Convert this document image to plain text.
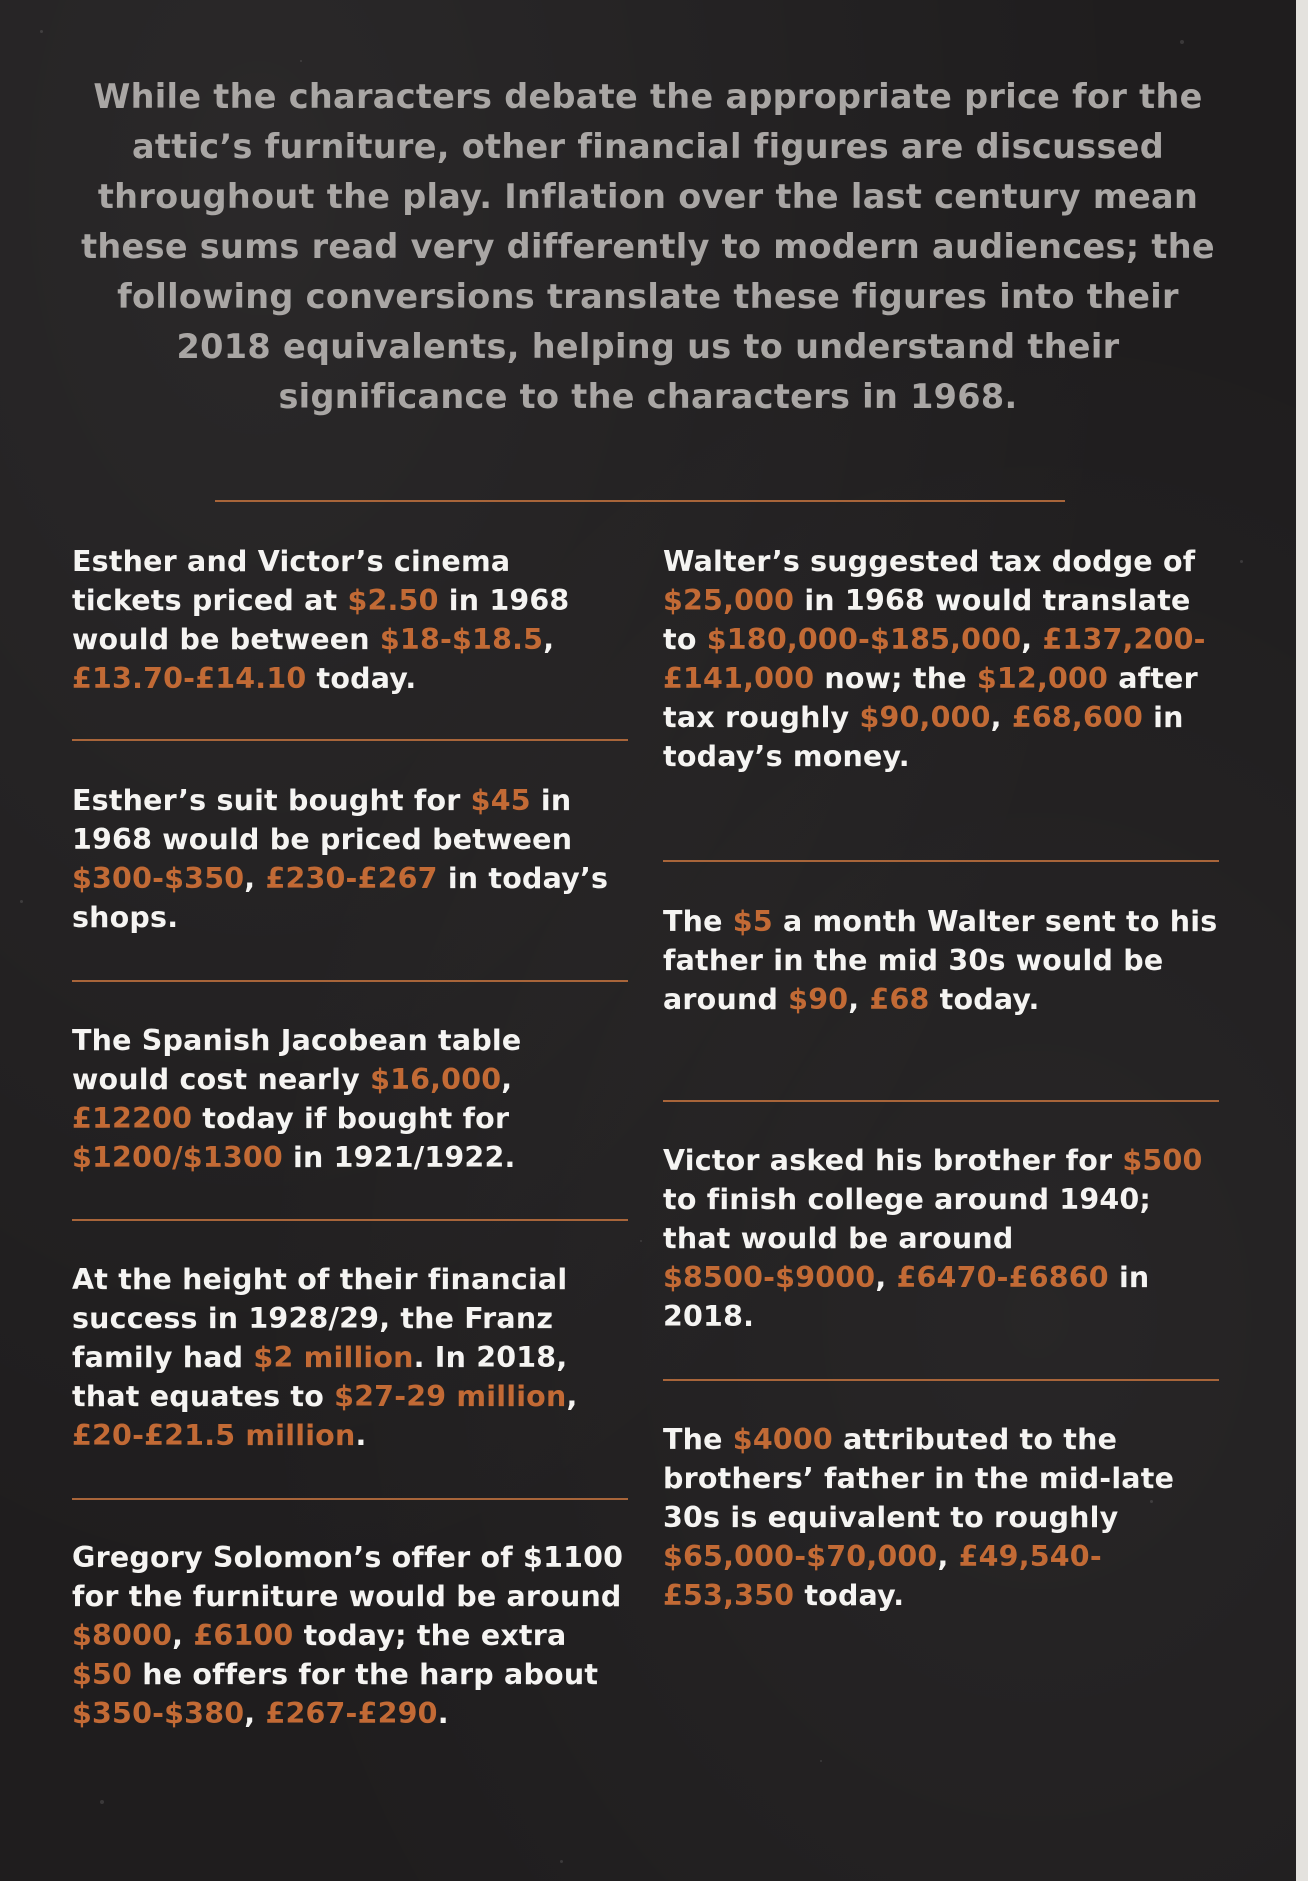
While the characters debate the appropriate price for the attic’s furniture, other financial figures are discussed throughout the play. Inflation over the last century mean these sums read very differently to modern audiences; the following conversions translate these figures into their 2018 equivalents, helping us to understand their significance to the characters in 1968.

Esther and Victor’s cinema tickets priced at $2.50 in 1968 would be between $18-$18.5, £13.70-£14.10 today.

Esther’s suit bought for $45 in 1968 would be priced between $300-$350, £230-£267 in today’s shops.

The Spanish Jacobean table would cost nearly $16,000, £12200 today if bought for $1200/$1300 in 1921/1922.

At the height of their financial success in 1928/29, the Franz family had $2 million. In 2018, that equates to $27-29 million, £20-£21.5 million.

Gregory Solomon’s offer of $1100 for the furniture would be around $8000, £6100 today; the extra $50 he offers for the harp about $350-$380, £267-£290.

Walter’s suggested tax dodge of $25,000 in 1968 would translate to $180,000-$185,000, £137,200-£141,000 now; the $12,000 after tax roughly $90,000, £68,600 in today’s money.

The $5 a month Walter sent to his father in the mid 30s would be around $90, £68 today.

Victor asked his brother for $500 to finish college around 1940; that would be around $8500-$9000, £6470-£6860 in 2018.

The $4000 attributed to the brothers’ father in the mid-late 30s is equivalent to roughly $65,000-$70,000, £49,540-£53,350 today.
